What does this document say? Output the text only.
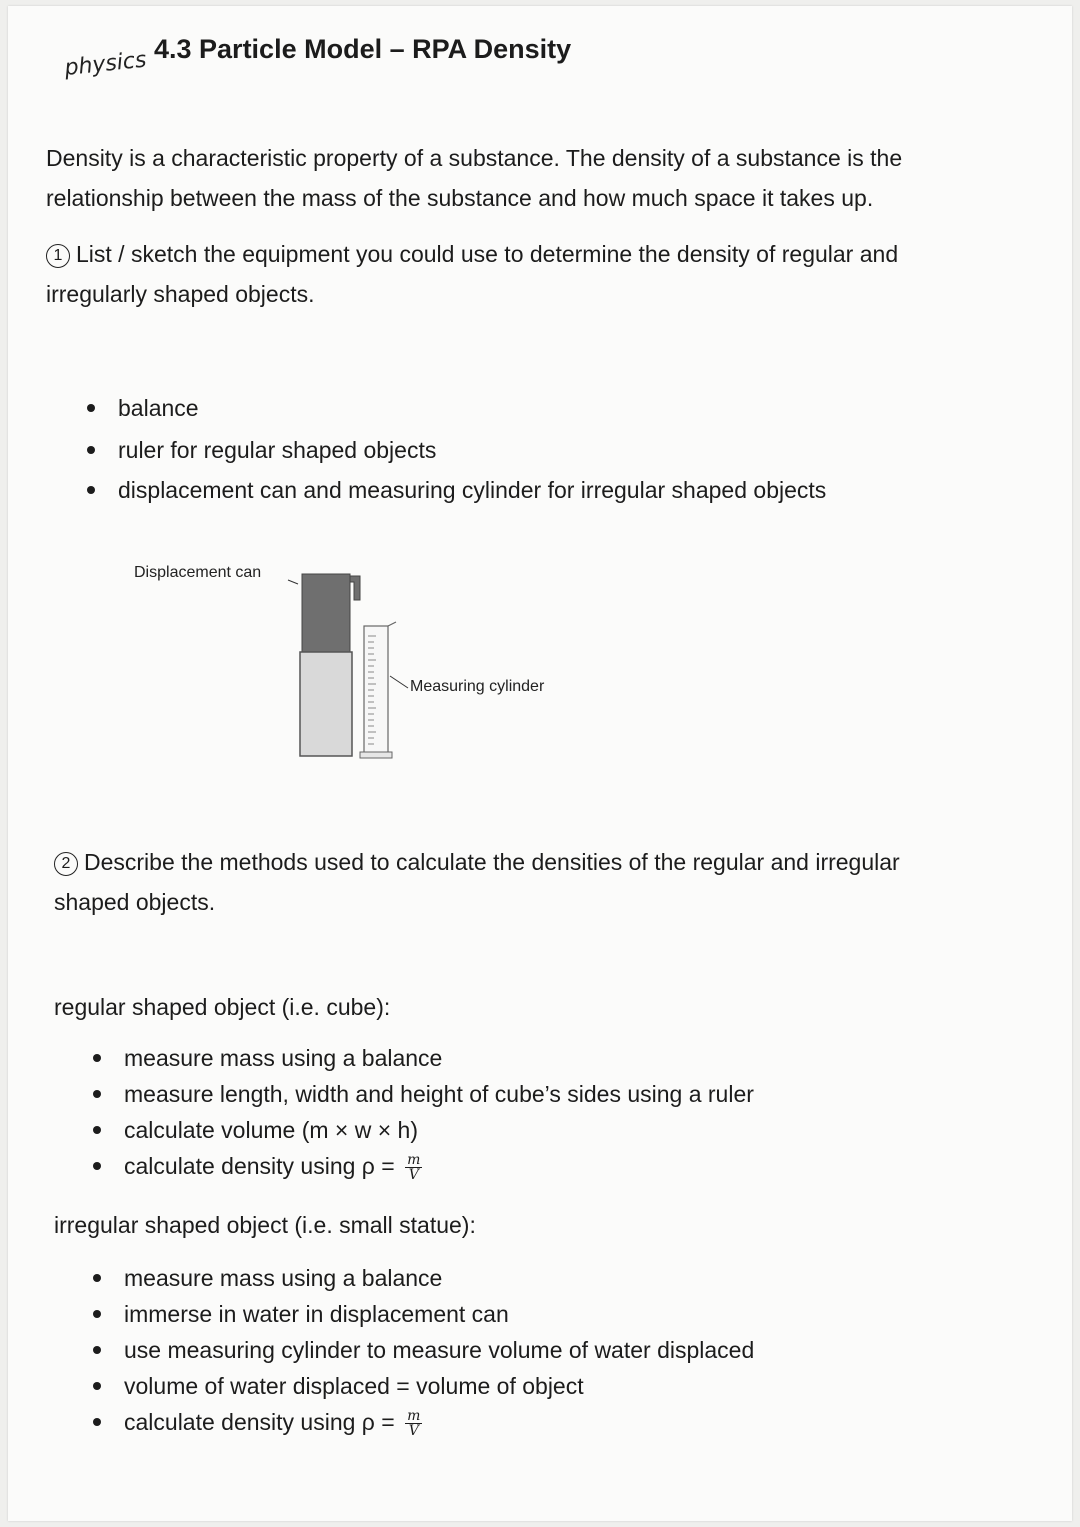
physics 4.3 Particle Model – RPA Density
Density is a characteristic property of a substance. The density of a substance is the
relationship between the mass of the substance and how much space it takes up.
1 List / sketch the equipment you could use to determine the density of regular and
irregularly shaped objects.
balance
ruler for regular shaped objects
displacement can and measuring cylinder for irregular shaped objects
Displacement can
Measuring cylinder
2 Describe the methods used to calculate the densities of the regular and irregular
shaped objects.
regular shaped object (i.e. cube):
measure mass using a balance
measure length, width and height of cube’s sides using a ruler
calculate volume (m × w × h)
calculate density using $\rho = \frac{m}{V}$
irregular shaped object (i.e. small statue):
measure mass using a balance
immerse in water in displacement can
use measuring cylinder to measure volume of water displaced
volume of water displaced = volume of object
calculate density using $\rho = \frac{m}{V}$
